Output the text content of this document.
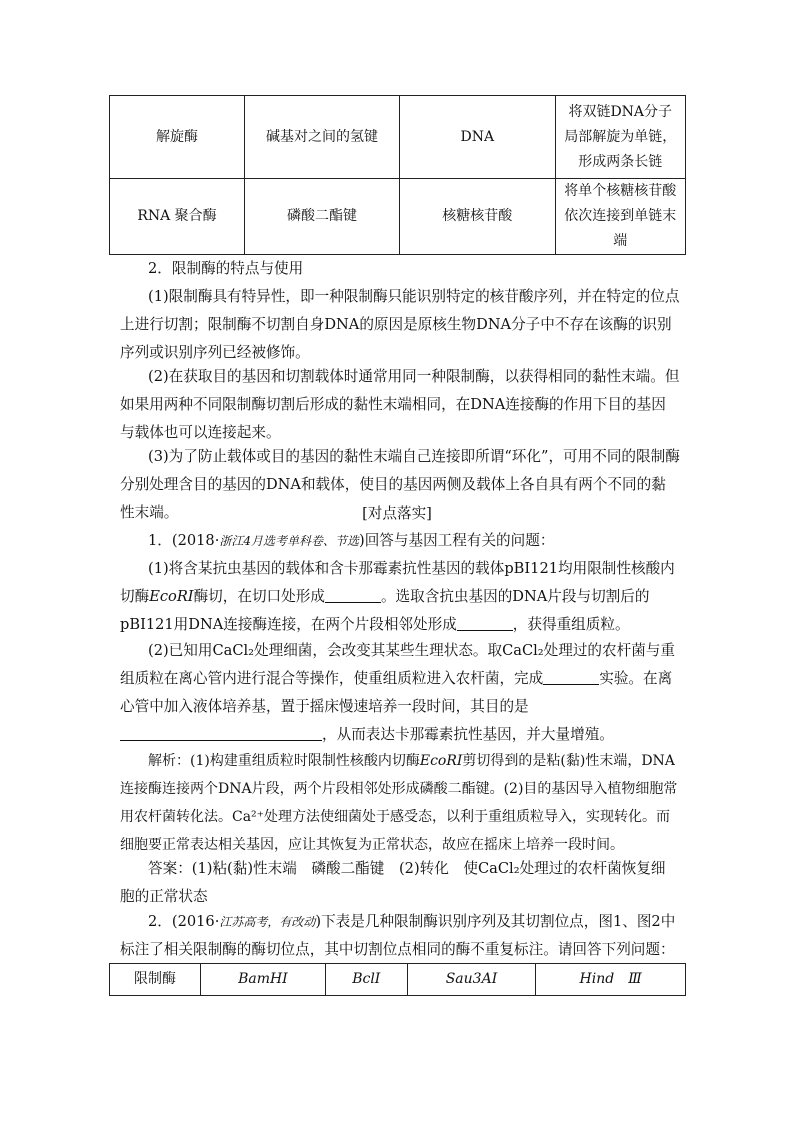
解旋酶	碱基对之间的氢键	DNA	将双链DNA分子局部解旋为单链，形成两条长链
RNA 聚合酶	磷酸二酯键	核糖核苷酸	将单个核糖核苷酸依次连接到单链末端

2．限制酶的特点与使用

(1)限制酶具有特异性，即一种限制酶只能识别特定的核苷酸序列，并在特定的位点上进行切割；限制酶不切割自身DNA的原因是原核生物DNA分子中不存在该酶的识别序列或识别序列已经被修饰。

(2)在获取目的基因和切割载体时通常用同一种限制酶，以获得相同的黏性末端。但如果用两种不同限制酶切割后形成的黏性末端相同，在DNA连接酶的作用下目的基因与载体也可以连接起来。

(3)为了防止载体或目的基因的黏性末端自己连接即所谓“环化”，可用不同的限制酶分别处理含目的基因的DNA和载体，使目的基因两侧及载体上各自具有两个不同的黏性末端。	[对点落实]

1．(2018·浙江4月选考单科卷、节选)回答与基因工程有关的问题：

(1)将含某抗虫基因的载体和含卡那霉素抗性基因的载体pBI121均用限制性核酸内切酶EcoRⅠ酶切，在切口处形成	。选取含抗虫基因的DNA片段与切割后的pBI121用DNA连接酶连接，在两个片段相邻处形成	，获得重组质粒。

(2)已知用CaCl₂处理细菌，会改变其某些生理状态。取CaCl₂处理过的农杆菌与重组质粒在离心管内进行混合等操作，使重组质粒进入农杆菌，完成	实验。在离心管中加入液体培养基，置于摇床慢速培养一段时间，其目的是，从而表达卡那霉素抗性基因，并大量增殖。

解析：(1)构建重组质粒时限制性核酸内切酶EcoRⅠ剪切得到的是粘(黏)性末端，DNA连接酶连接两个DNA片段，两个片段相邻处形成磷酸二酯键。(2)目的基因导入植物细胞常用农杆菌转化法。Ca²⁺处理方法使细菌处于感受态，以利于重组质粒导入，实现转化。而细胞要正常表达相关基因，应让其恢复为正常状态，故应在摇床上培养一段时间。

答案：(1)粘(黏)性末端　磷酸二酯键　(2)转化　使CaCl₂处理过的农杆菌恢复细胞的正常状态

2．(2016·江苏高考，有改动)下表是几种限制酶识别序列及其切割位点，图1、图2中标注了相关限制酶的酶切位点，其中切割位点相同的酶不重复标注。请回答下列问题：

限制酶	BamHⅠ	BclⅠ	Sau3AⅠ	Hind　Ⅲ
